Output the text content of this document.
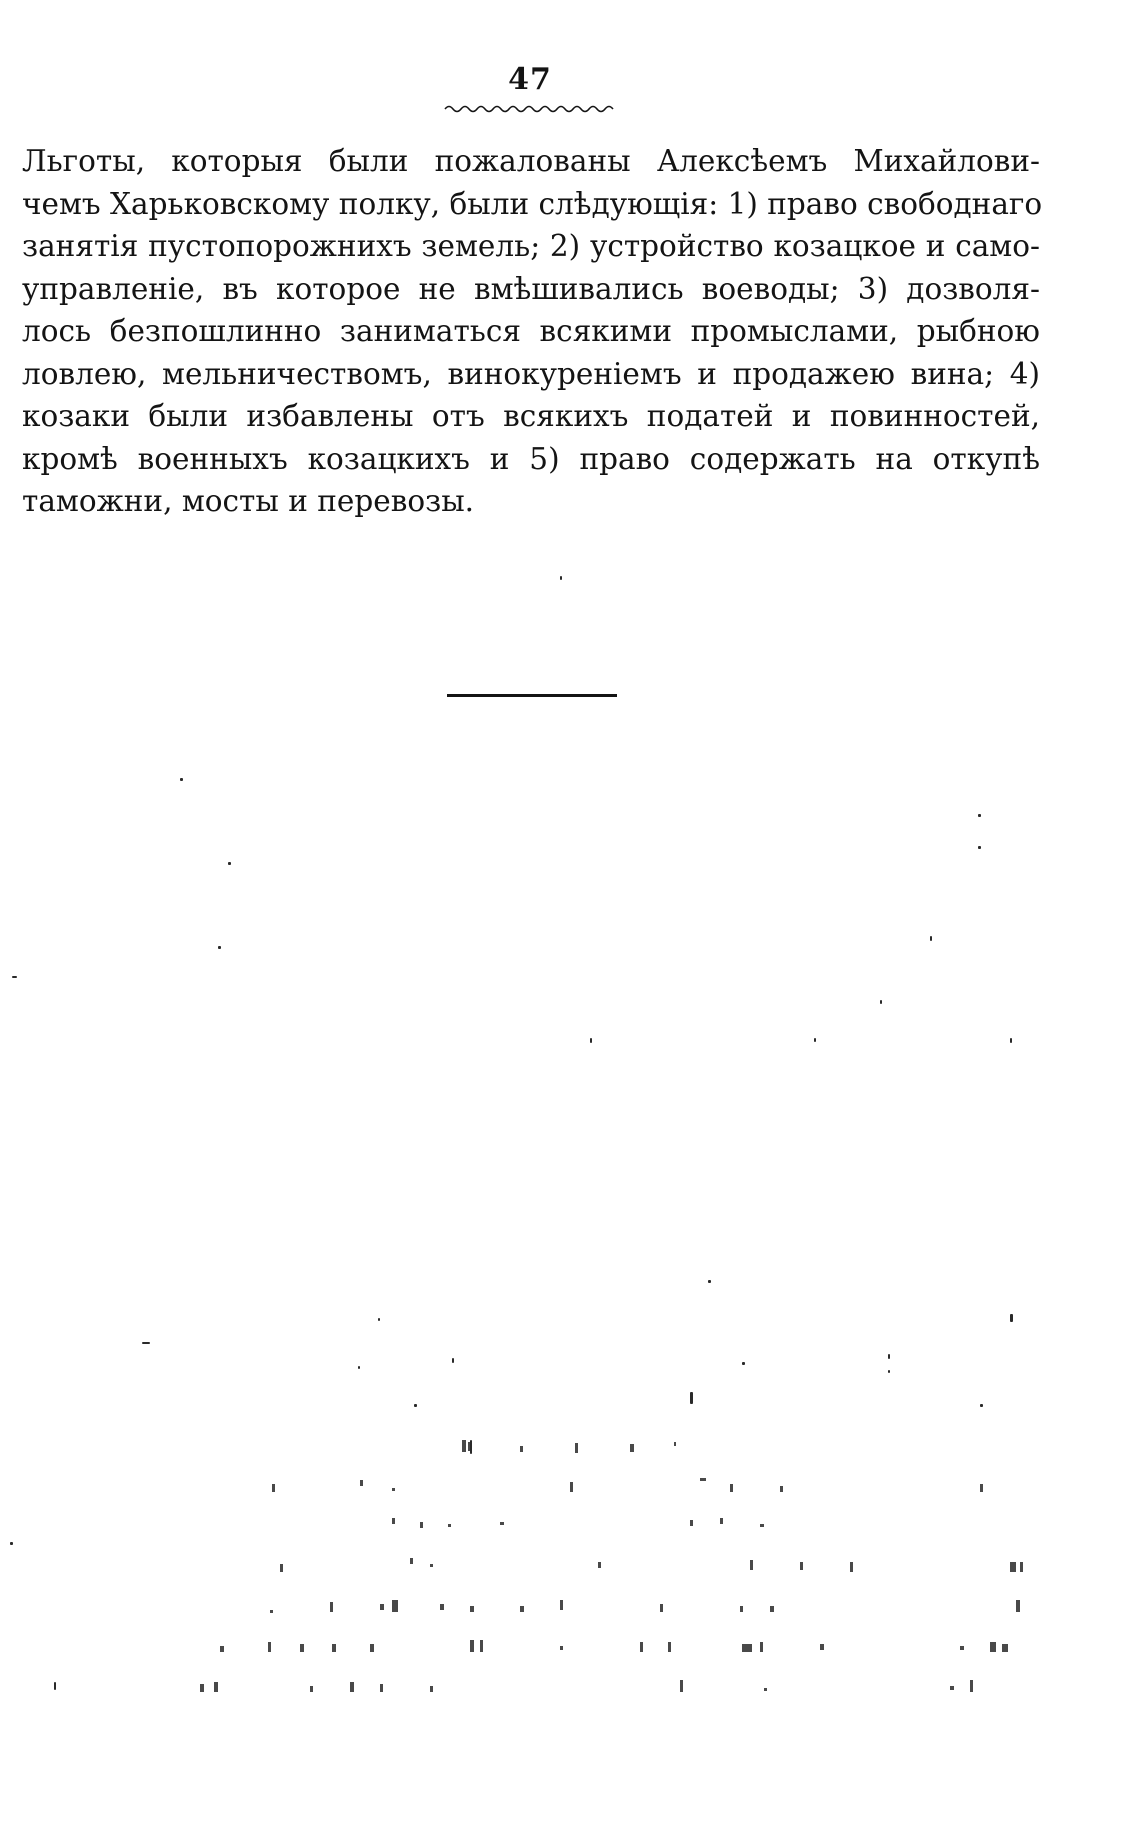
47
Льготы, которыя были пожалованы Алексѣемъ Михайлови-
чемъ Харьковскому полку, были слѣдующія: 1) право свободнаго
занятія пустопорожнихъ земель; 2) устройство козацкое и само-
управленіе, въ которое не вмѣшивались воеводы; 3) дозволя-
лось безпошлинно заниматься всякими промыслами, рыбною
ловлею, мельничествомъ, винокуреніемъ и продажею вина; 4)
козаки были избавлены отъ всякихъ податей и повинностей,
кромѣ военныхъ козацкихъ и 5) право содержать на откупѣ
таможни, мосты и перевозы.
